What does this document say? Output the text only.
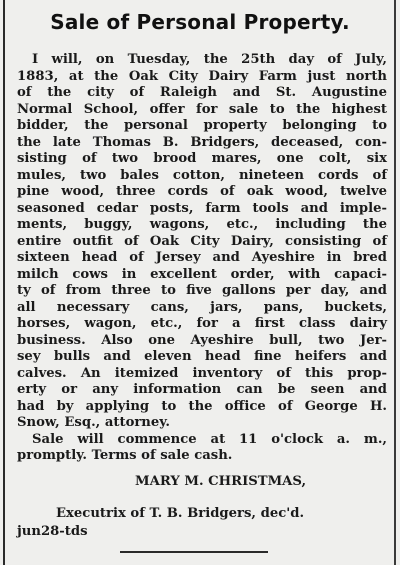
Sale of Personal Property.
I will, on Tuesday, the 25th day of July,
1883, at the Oak City Dairy Farm just north
of the city of Raleigh and St. Augustine
Normal School, offer for sale to the highest
bidder, the personal property belonging to
the late Thomas B. Bridgers, deceased, con-
sisting of two brood mares, one colt, six
mules, two bales cotton, nineteen cords of
pine wood, three cords of oak wood, twelve
seasoned cedar posts, farm tools and imple-
ments, buggy, wagons, etc., including the
entire outfit of Oak City Dairy, consisting of
sixteen head of Jersey and Ayeshire in bred
milch cows in excellent order, with capaci-
ty of from three to five gallons per day, and
all necessary cans, jars, pans, buckets,
horses, wagon, etc., for a first class dairy
business. Also one Ayeshire bull, two Jer-
sey bulls and eleven head fine heifers and
calves. An itemized inventory of this prop-
erty or any information can be seen and
had by applying to the office of George H.
Snow, Esq., attorney.
Sale will commence at 11 o'clock a. m.,
promptly. Terms of sale cash.
MARY M. CHRISTMAS,
Executrix of T. B. Bridgers, dec'd.
jun28-tds
